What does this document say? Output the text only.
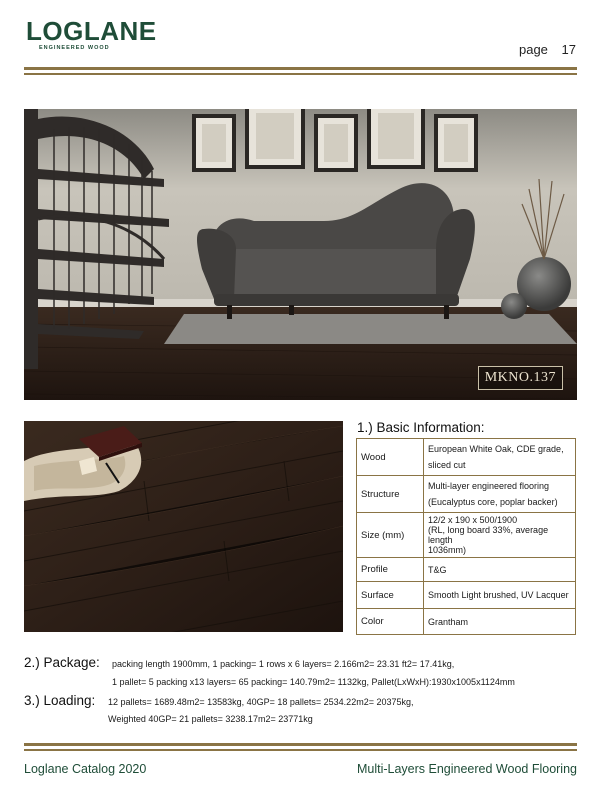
LOGLANE
ENGINEERED WOOD	page 17
MKNO.137
1.) Basic Information:
Wood	European White Oak, CDE grade,
sliced cut

Structure	Multi-layer engineered flooring
(Eucalyptus core, poplar backer)

Size (mm)	12/2 x 190 x 500/1900
(RL, long board 33%, average length
1036mm)

Profile	T&G

Surface	Smooth Light brushed, UV Lacquer

Color	Grantham
2.) Package: packing length 1900mm, 1 packing= 1 rows x 6 layers= 2.166m2= 23.31 ft2= 17.41kg,
1 pallet= 5 packing x13 layers= 65 packing= 140.79m2= 1132kg, Pallet(LxWxH):1930x1005x1124mm
3.) Loading: 12 pallets= 1689.48m2= 13583kg, 40GP= 18 pallets= 2534.22m2= 20375kg,
Weighted 40GP= 21 pallets= 3238.17m2= 23771kg
Loglane Catalog 2020	Multi-Layers Engineered Wood Flooring
